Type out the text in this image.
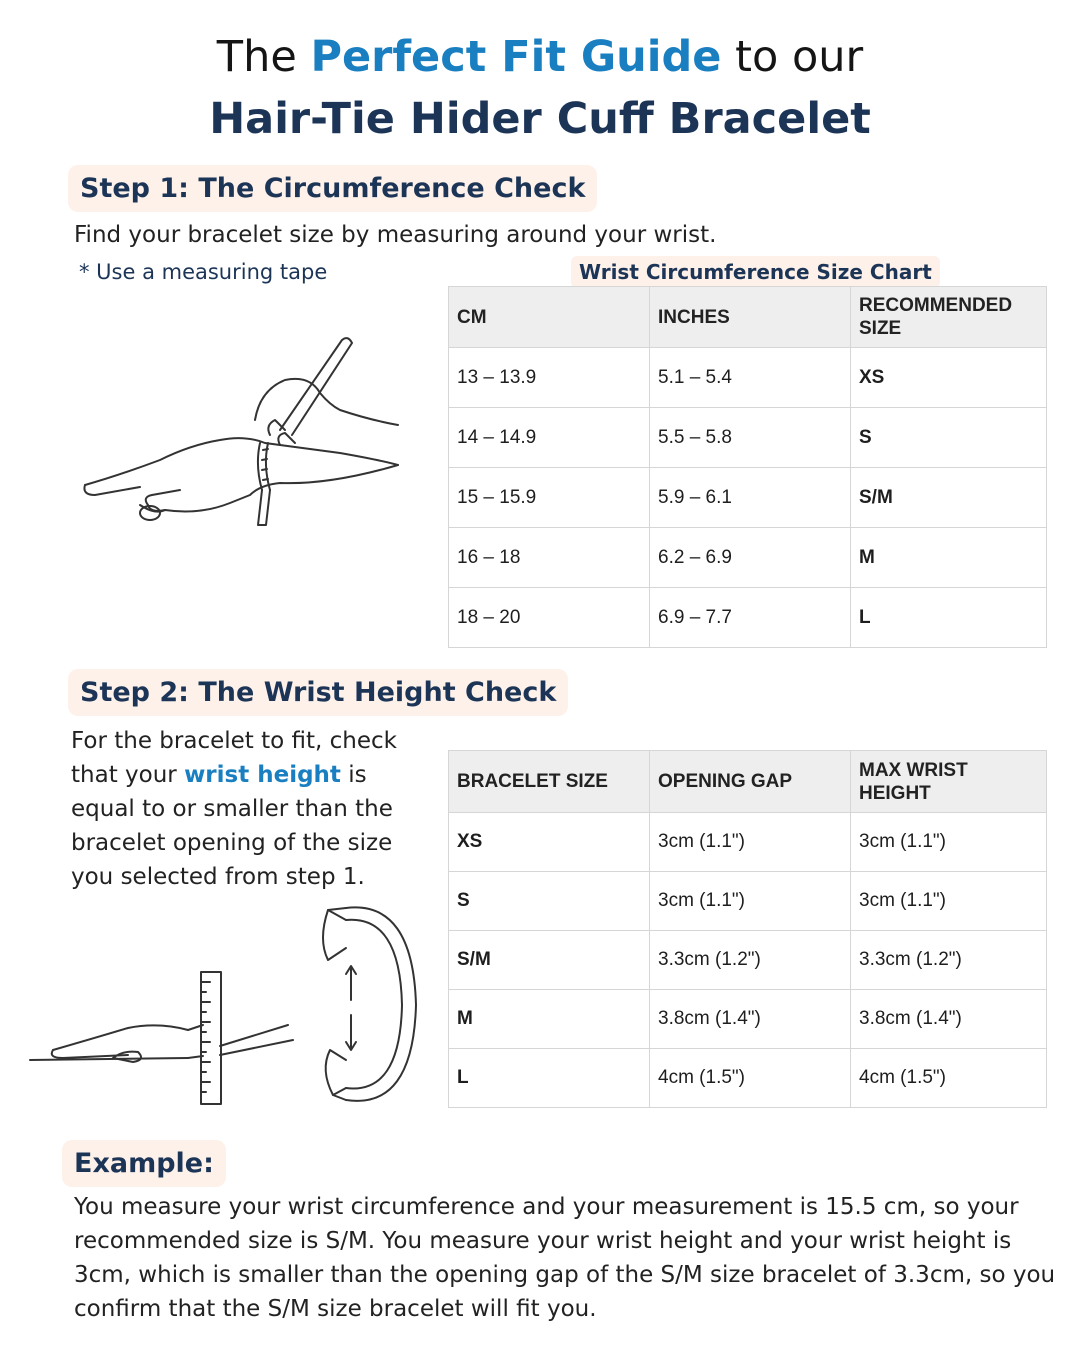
The Perfect Fit Guide to our
Hair-Tie Hider Cuff Bracelet
Step 1: The Circumference Check
Find your bracelet size by measuring around your wrist.
* Use a measuring tape	Wrist Circumference Size Chart
CM	INCHES	RECOMMENDED SIZE
13 – 13.9	5.1 – 5.4	XS
14 – 14.9	5.5 – 5.8	S
15 – 15.9	5.9 – 6.1	S/M
16 – 18	6.2 – 6.9	M
18 – 20	6.9 – 7.7	L
Step 2: The Wrist Height Check
For the bracelet to fit, check that your wrist height is equal to or smaller than the bracelet opening of the size you selected from step 1.
BRACELET SIZE	OPENING GAP	MAX WRIST HEIGHT
XS	3cm (1.1")	3cm (1.1")
S	3cm (1.1")	3cm (1.1")
S/M	3.3cm (1.2")	3.3cm (1.2")
M	3.8cm (1.4")	3.8cm (1.4")
L	4cm (1.5")	4cm (1.5")
Example:
You measure your wrist circumference and your measurement is 15.5 cm, so your recommended size is S/M. You measure your wrist height and your wrist height is 3cm, which is smaller than the opening gap of the S/M size bracelet of 3.3cm, so you confirm that the S/M size bracelet will fit you.
